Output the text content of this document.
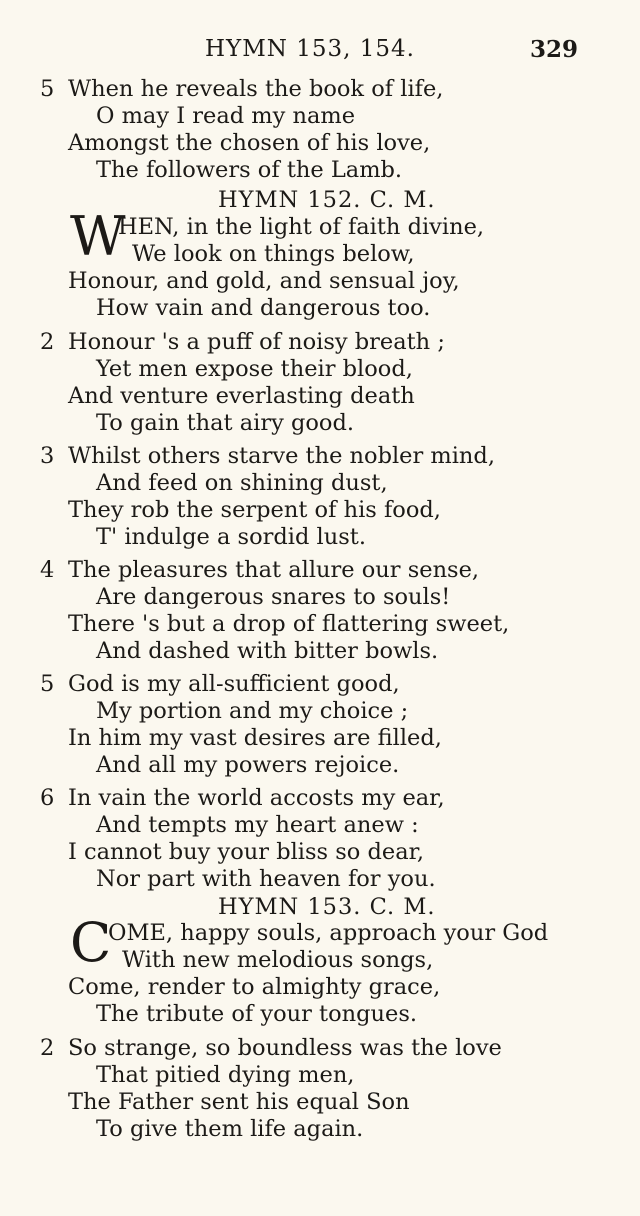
HYMN 153, 154.	329
5 When he reveals the book of life,
O may I read my name
Amongst the chosen of his love,
The followers of the Lamb.
HYMN 152. C. M.
W
HEN, in the light of faith divine,
We look on things below,
Honour, and gold, and sensual joy,
How vain and dangerous too.
2 Honour 's a puff of noisy breath ;
Yet men expose their blood,
And venture everlasting death
To gain that airy good.
3 Whilst others starve the nobler mind,
And feed on shining dust,
They rob the serpent of his food,
T' indulge a sordid lust.
4 The pleasures that allure our sense,
Are dangerous snares to souls!
There 's but a drop of flattering sweet,
And dashed with bitter bowls.
5 God is my all-sufficient good,
My portion and my choice ;
In him my vast desires are filled,
And all my powers rejoice.
6 In vain the world accosts my ear,
And tempts my heart anew :
I cannot buy your bliss so dear,
Nor part with heaven for you.
HYMN 153. C. M.
C
OME, happy souls, approach your God
With new melodious songs,
Come, render to almighty grace,
The tribute of your tongues.
2 So strange, so boundless was the love
That pitied dying men,
The Father sent his equal Son
To give them life again.
